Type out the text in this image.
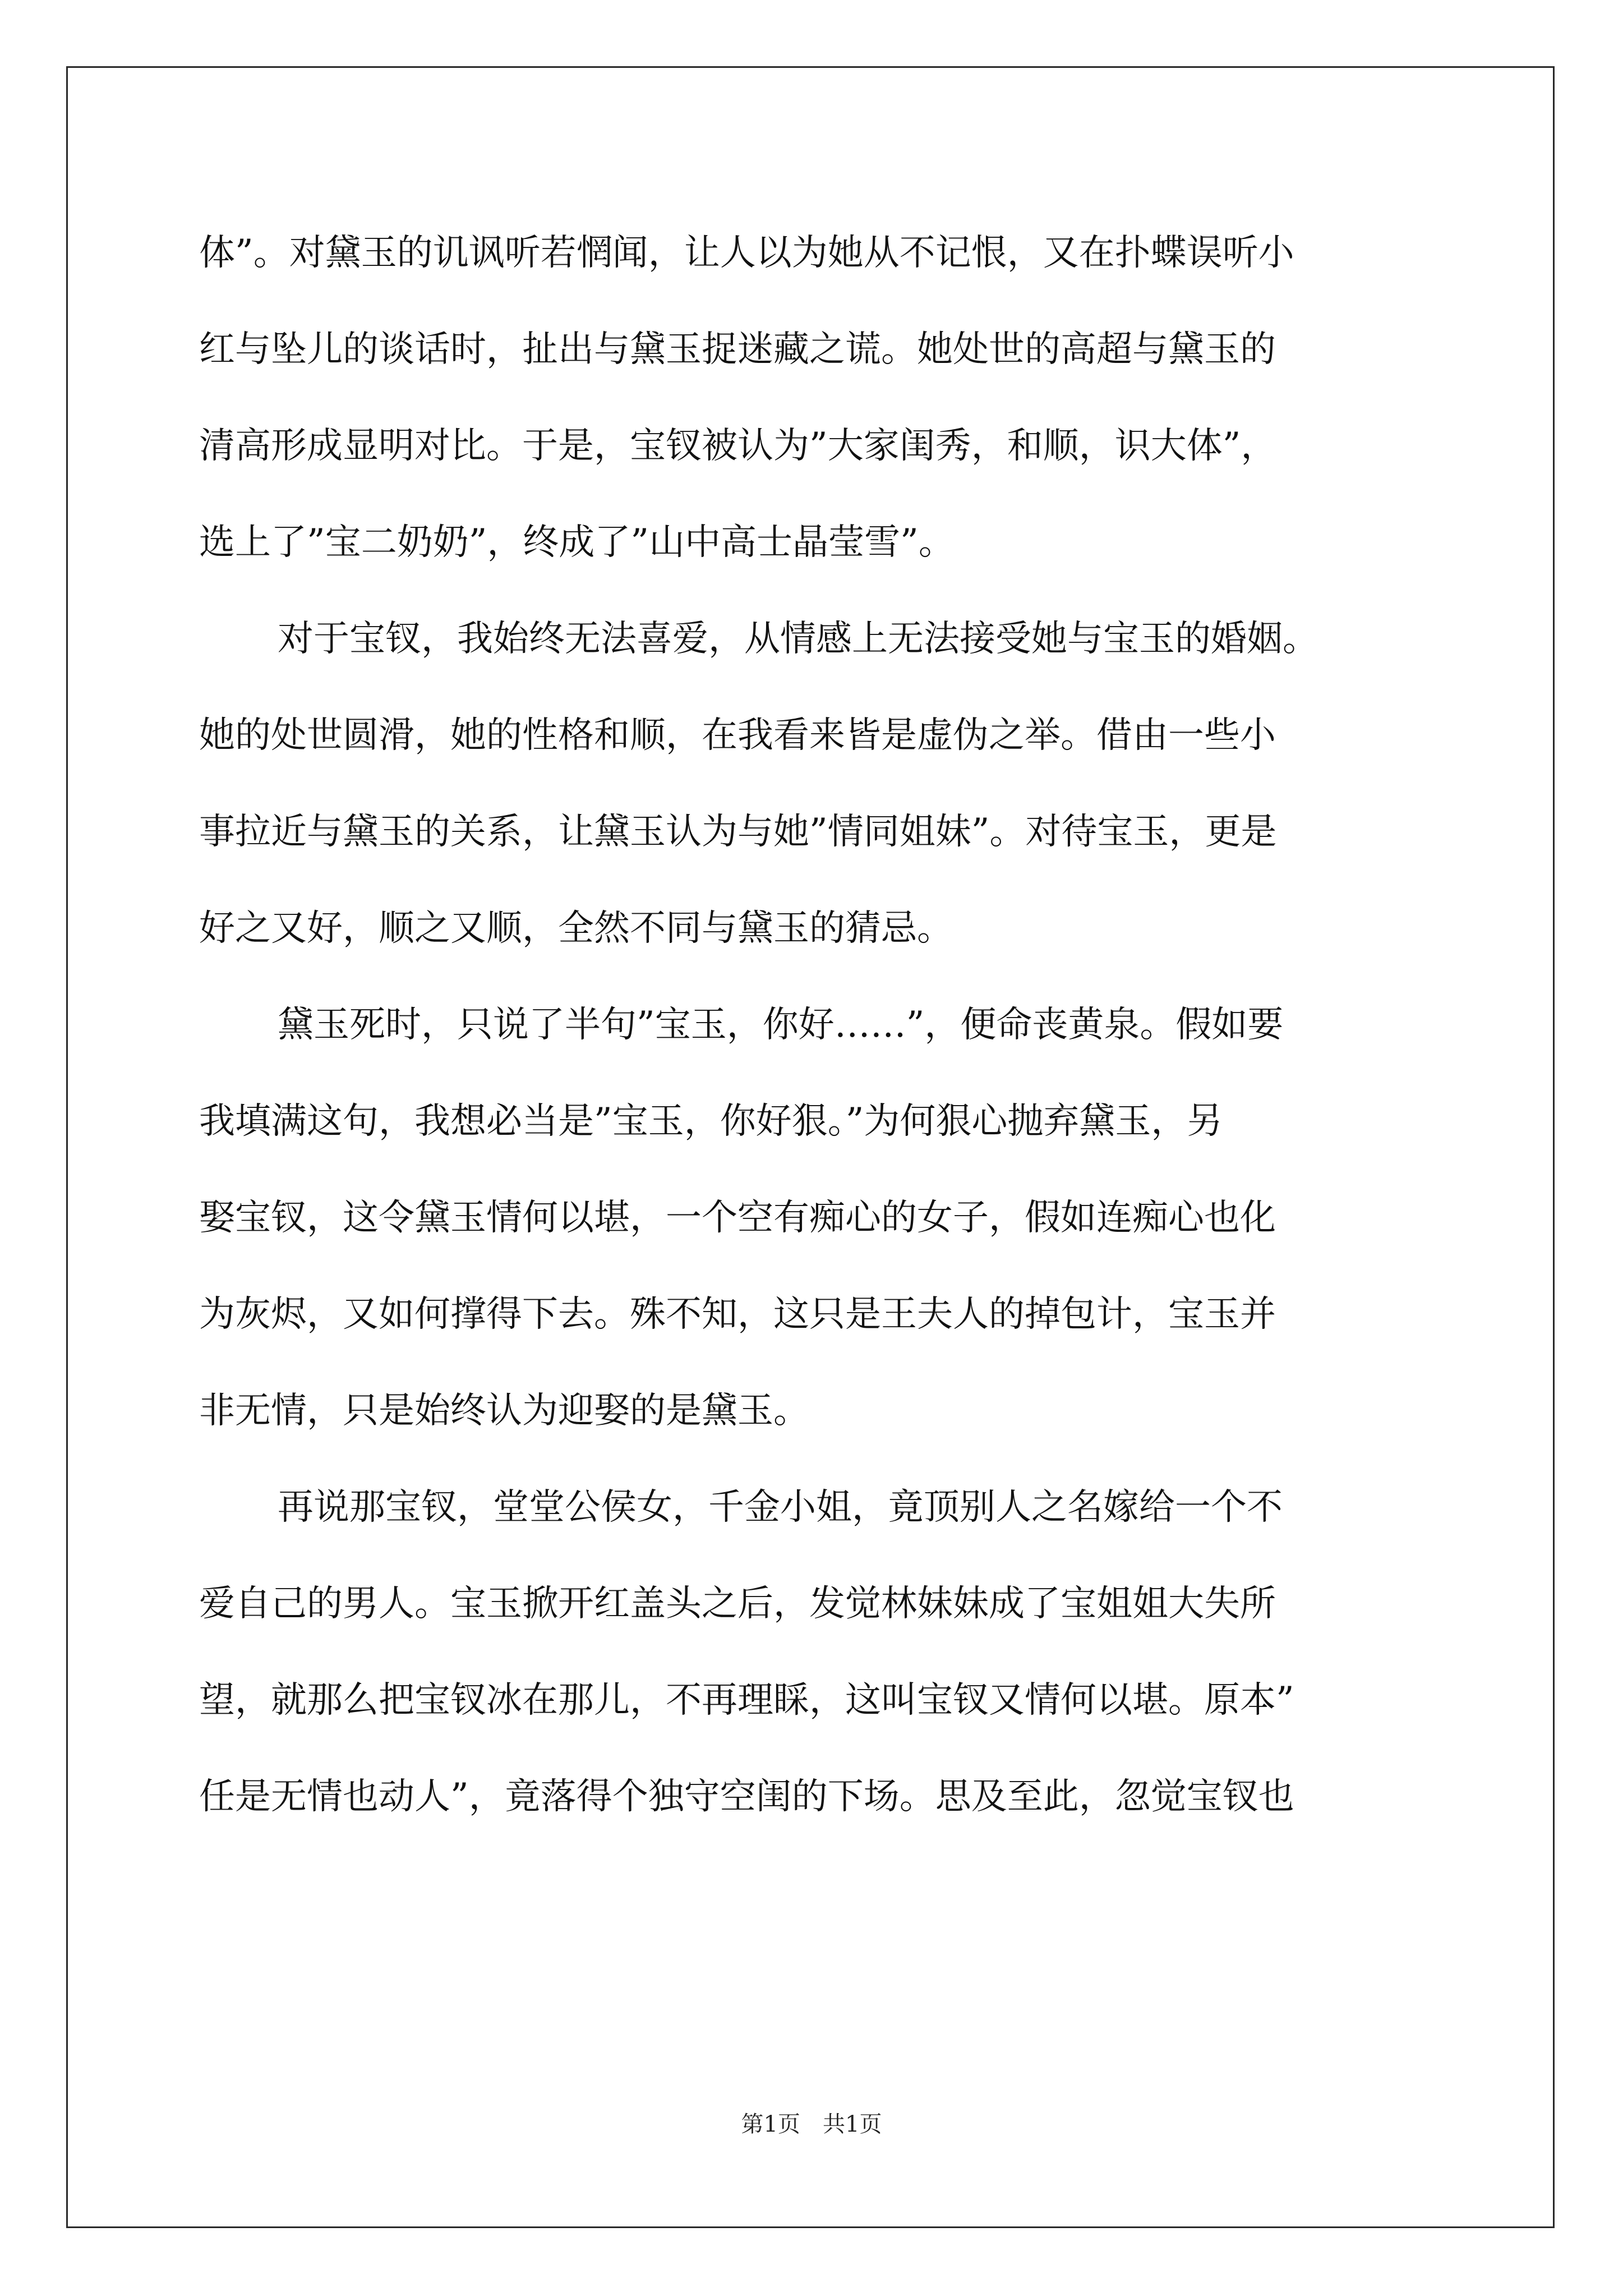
体”。对黛玉的讥讽听若惘闻，让人以为她从不记恨，又在扑蝶误听小
红与坠儿的谈话时，扯出与黛玉捉迷藏之谎。她处世的高超与黛玉的
清高形成显明对比。于是，宝钗被认为”大家闺秀，和顺，识大体”，
选上了”宝二奶奶”，终成了”山中高士晶莹雪”。
对于宝钗，我始终无法喜爱，从情感上无法接受她与宝玉的婚姻。
她的处世圆滑，她的性格和顺，在我看来皆是虚伪之举。借由一些小
事拉近与黛玉的关系，让黛玉认为与她”情同姐妹”。对待宝玉，更是
好之又好，顺之又顺，全然不同与黛玉的猜忌。
黛玉死时，只说了半句”宝玉，你好……”，便命丧黄泉。假如要
我填满这句，我想必当是”宝玉，你好狠。”为何狠心抛弃黛玉，另
娶宝钗，这令黛玉情何以堪，一个空有痴心的女子，假如连痴心也化
为灰烬，又如何撑得下去。殊不知，这只是王夫人的掉包计，宝玉并
非无情，只是始终认为迎娶的是黛玉。
再说那宝钗，堂堂公侯女，千金小姐，竟顶别人之名嫁给一个不
爱自己的男人。宝玉掀开红盖头之后，发觉林妹妹成了宝姐姐大失所
望，就那么把宝钗冰在那儿，不再理睬，这叫宝钗又情何以堪。原本”
任是无情也动人”，竟落得个独守空闺的下场。思及至此，忽觉宝钗也
第1页　共1页
